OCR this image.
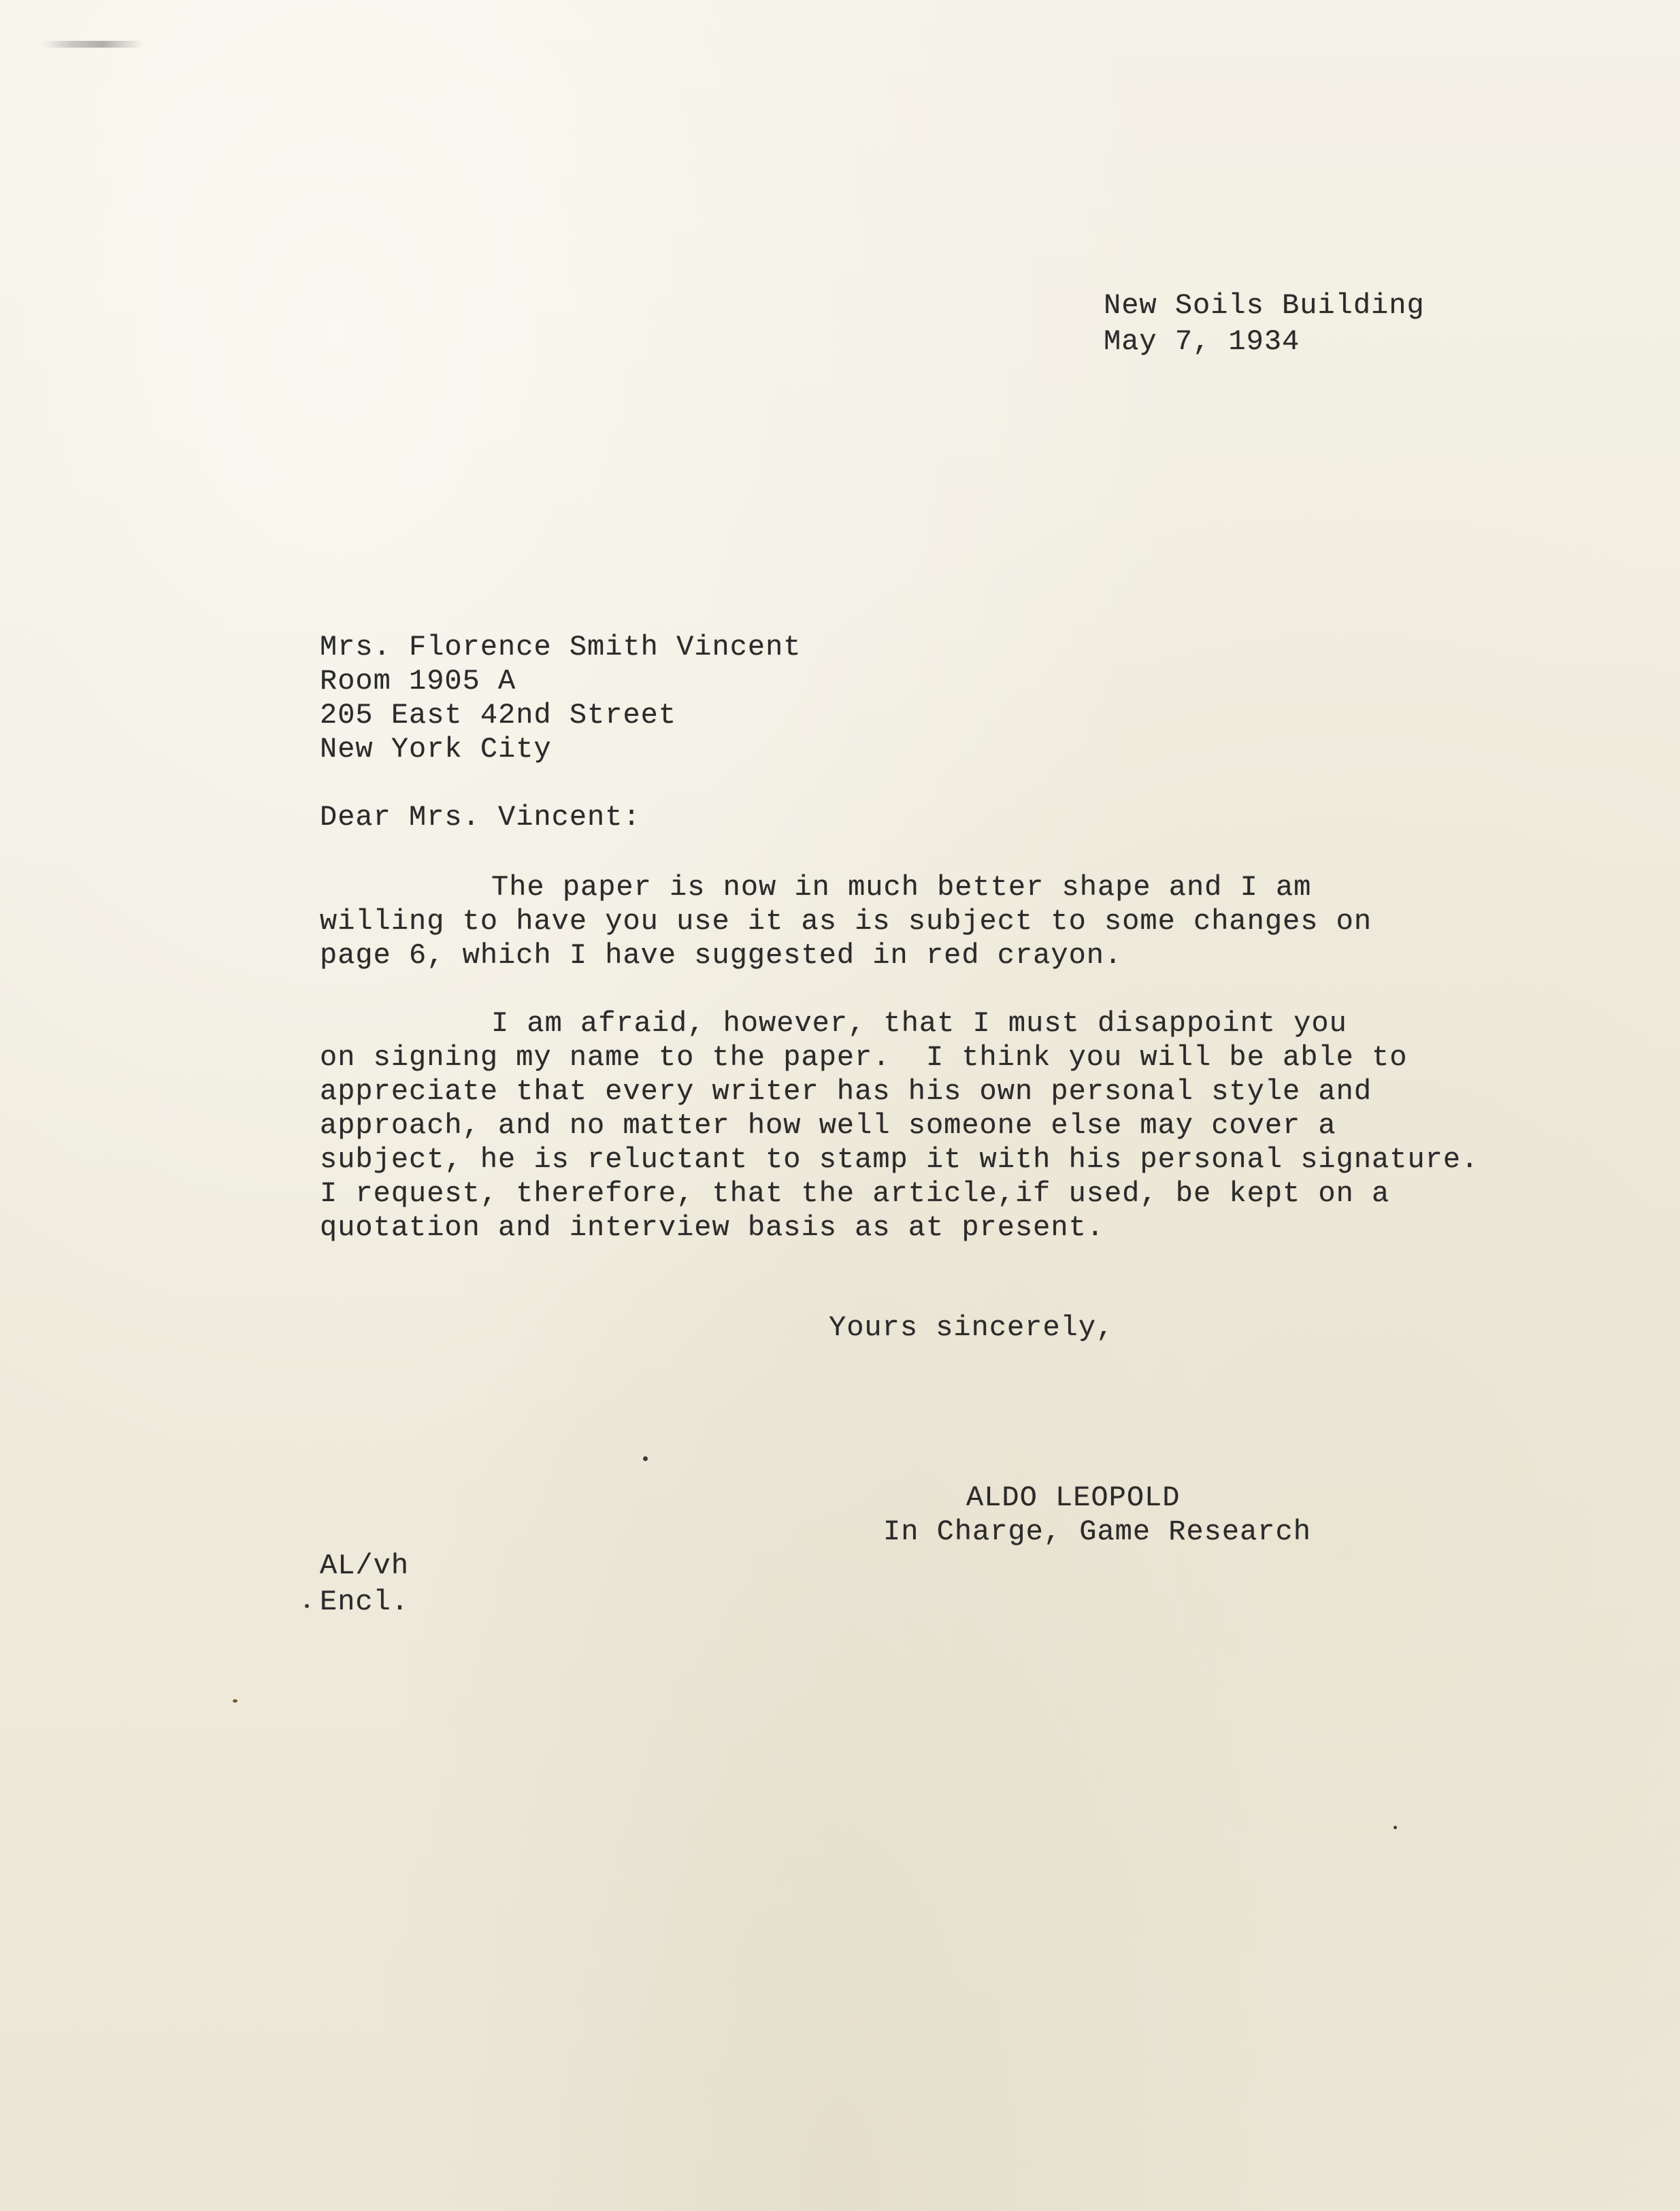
New Soils Building
May 7, 1934
Mrs. Florence Smith Vincent
Room 1905 A
205 East 42nd Street
New York City
Dear Mrs. Vincent:
The paper is now in much better shape and I am
willing to have you use it as is subject to some changes on
page 6, which I have suggested in red crayon.
I am afraid, however, that I must disappoint you
on signing my name to the paper.  I think you will be able to
appreciate that every writer has his own personal style and
approach, and no matter how well someone else may cover a
subject, he is reluctant to stamp it with his personal signature.
I request, therefore, that the article,if used, be kept on a
quotation and interview basis as at present.
Yours sincerely,
ALDO LEOPOLD
In Charge, Game Research
AL/vh
Encl.
